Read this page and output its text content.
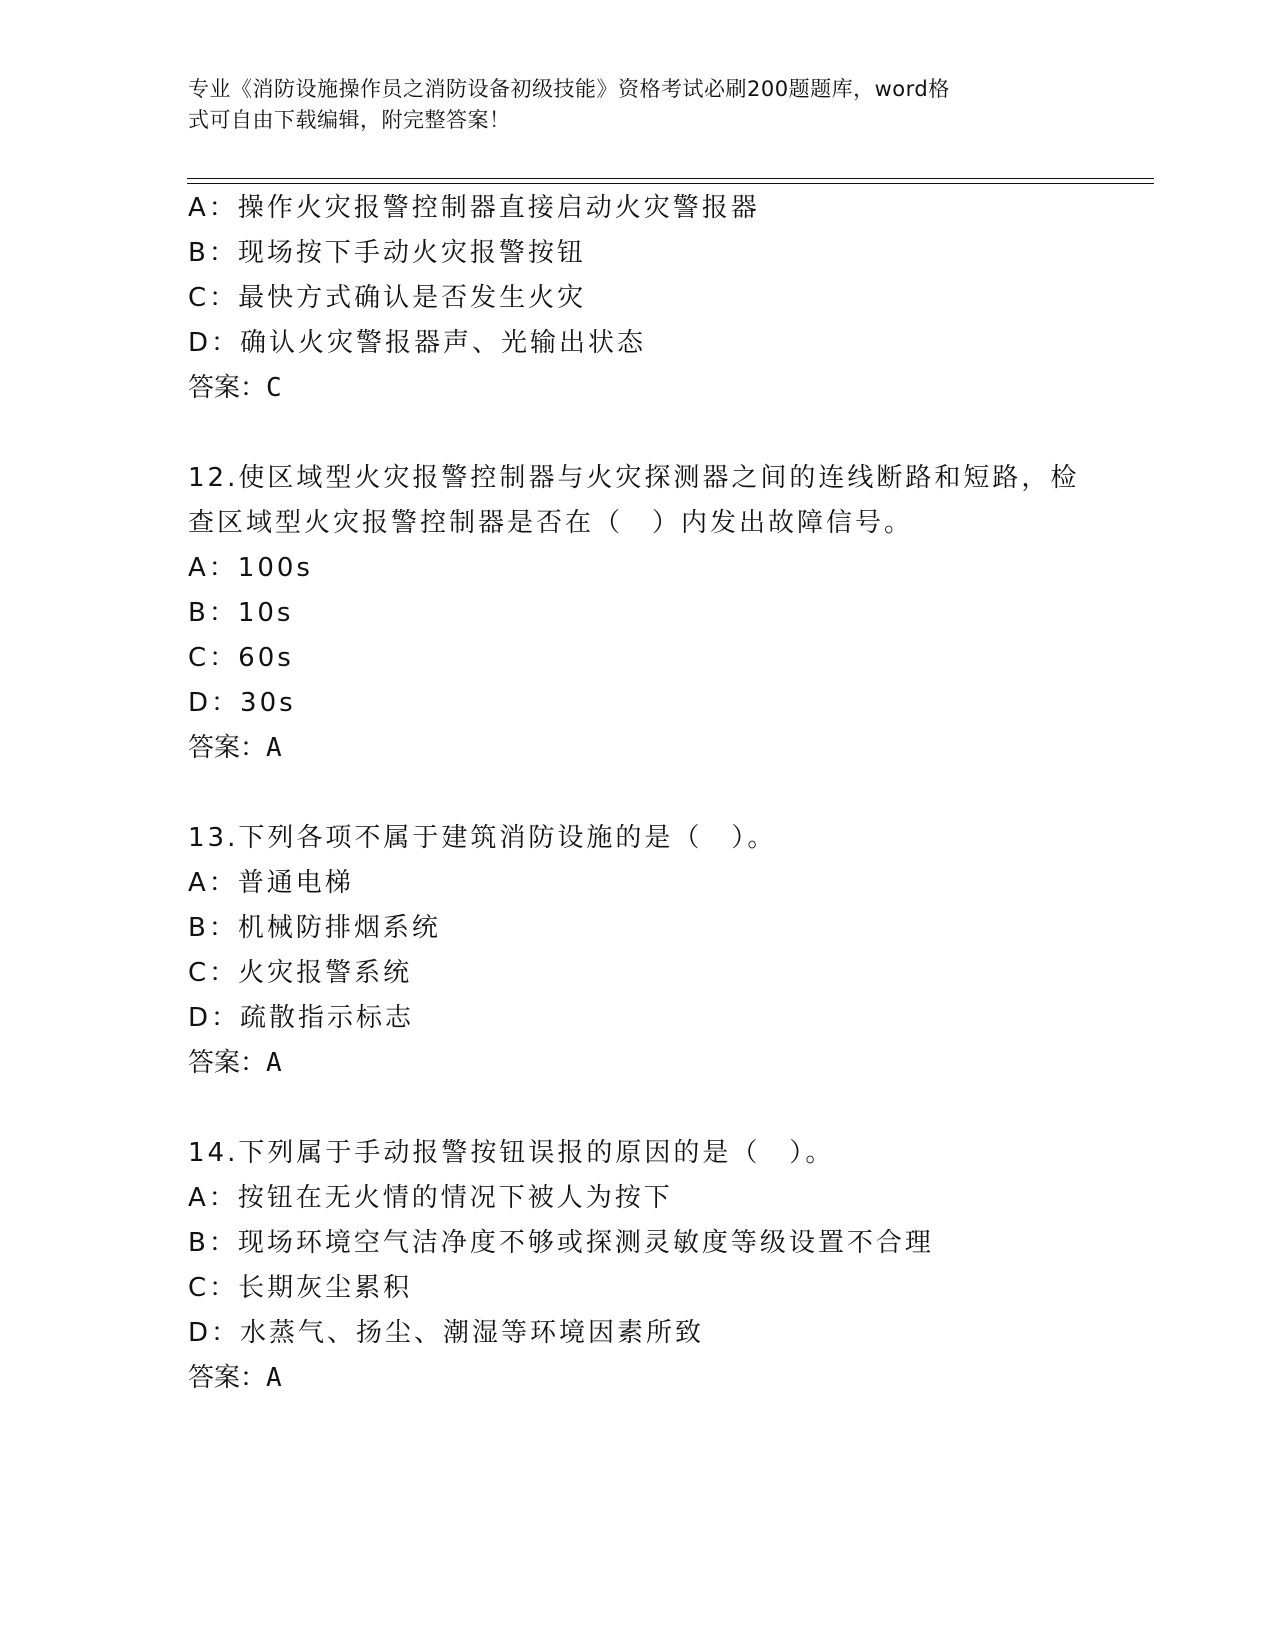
专业《消防设施操作员之消防设备初级技能》资格考试必刷200题题库，word格
式可自由下载编辑，附完整答案！
A：操作火灾报警控制器直接启动火灾警报器
B：现场按下手动火灾报警按钮
C：最快方式确认是否发生火灾
D：确认火灾警报器声、光输出状态
答案：C
12.使区域型火灾报警控制器与火灾探测器之间的连线断路和短路，检
查区域型火灾报警控制器是否在（　）内发出故障信号。
A：100s
B：10s
C：60s
D：30s
答案：A
13.下列各项不属于建筑消防设施的是（　）。
A：普通电梯
B：机械防排烟系统
C：火灾报警系统
D：疏散指示标志
答案：A
14.下列属于手动报警按钮误报的原因的是（　）。
A：按钮在无火情的情况下被人为按下
B：现场环境空气洁净度不够或探测灵敏度等级设置不合理
C：长期灰尘累积
D：水蒸气、扬尘、潮湿等环境因素所致
答案：A
